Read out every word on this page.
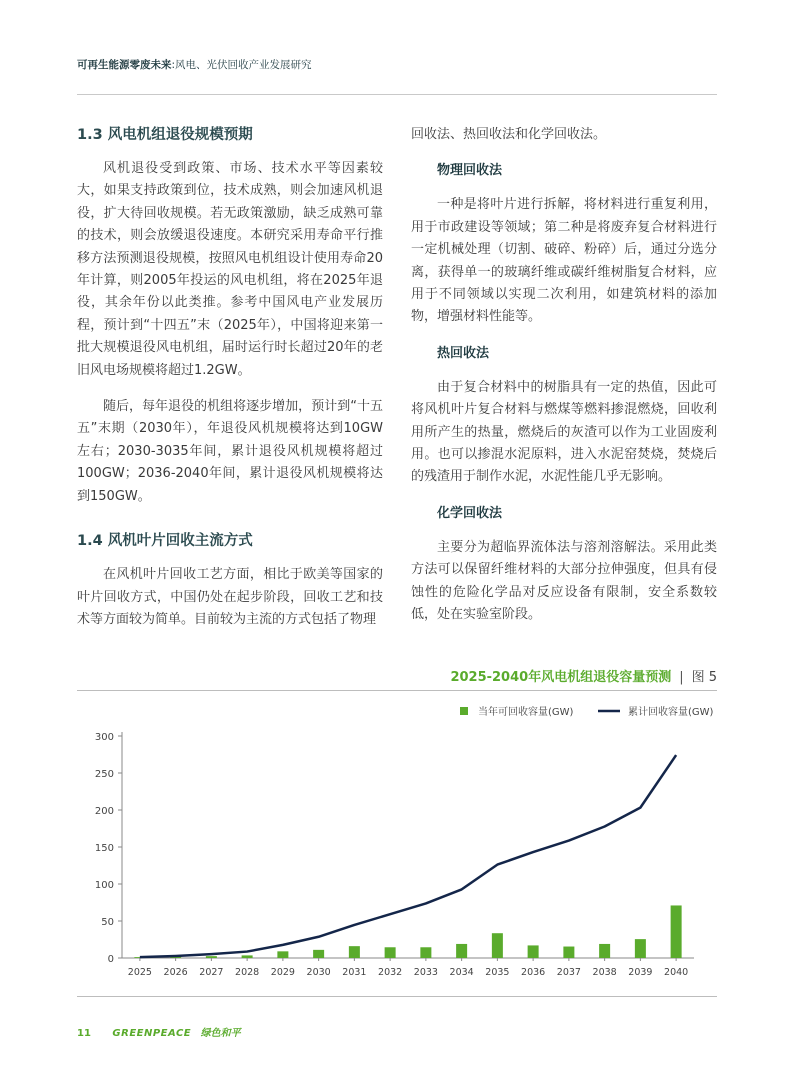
可再生能源零废未来:风电、光伏回收产业发展研究
1.3 风电机组退役规模预期

风机退役受到政策、市场、技术水平等因素较大，如果支持政策到位，技术成熟，则会加速风机退役，扩大待回收规模。若无政策激励，缺乏成熟可靠的技术，则会放缓退役速度。本研究采用寿命平行推移方法预测退役规模，按照风电机组设计使用寿命20年计算，则2005年投运的风电机组，将在2025年退役，其余年份以此类推。参考中国风电产业发展历程，预计到“十四五”末（2025年），中国将迎来第一批大规模退役风电机组，届时运行时长超过20年的老旧风电场规模将超过1.2GW。

随后，每年退役的机组将逐步增加，预计到“十五五”末期（2030年），年退役风机规模将达到10GW左右；2030-3035年间，累计退役风机规模将超过100GW；2036-2040年间，累计退役风机规模将达到150GW。

1.4 风机叶片回收主流方式

在风机叶片回收工艺方面，相比于欧美等国家的叶片回收方式，中国仍处在起步阶段，回收工艺和技术等方面较为简单。目前较为主流的方式包括了物理

回收法、热回收法和化学回收法。

物理回收法

一种是将叶片进行拆解，将材料进行重复利用，用于市政建设等领域；第二种是将废弃复合材料进行一定机械处理（切割、破碎、粉碎）后，通过分选分离，获得单一的玻璃纤维或碳纤维树脂复合材料，应用于不同领域以实现二次利用，如建筑材料的添加物，增强材料性能等。

热回收法

由于复合材料中的树脂具有一定的热值，因此可将风机叶片复合材料与燃煤等燃料掺混燃烧，回收利用所产生的热量，燃烧后的灰渣可以作为工业固废利用。也可以掺混水泥原料，进入水泥窑焚烧，焚烧后的残渣用于制作水泥，水泥性能几乎无影响。

化学回收法

主要分为超临界流体法与溶剂溶解法。采用此类方法可以保留纤维材料的大部分拉伸强度，但具有侵蚀性的危险化学品对反应设备有限制，安全系数较低，处在实验室阶段。

2025-2040年风电机组退役容量预测 | 图 5
当年可回收容量(GW)	累计回收容量(GW)
0
50
100
150
200
250
300
2025 2026 2027 2028 2029 2030 2031 2032 2033 2034 2035 2036 2037 2038 2039 2040
11 GREENPEACE 绿色和平
